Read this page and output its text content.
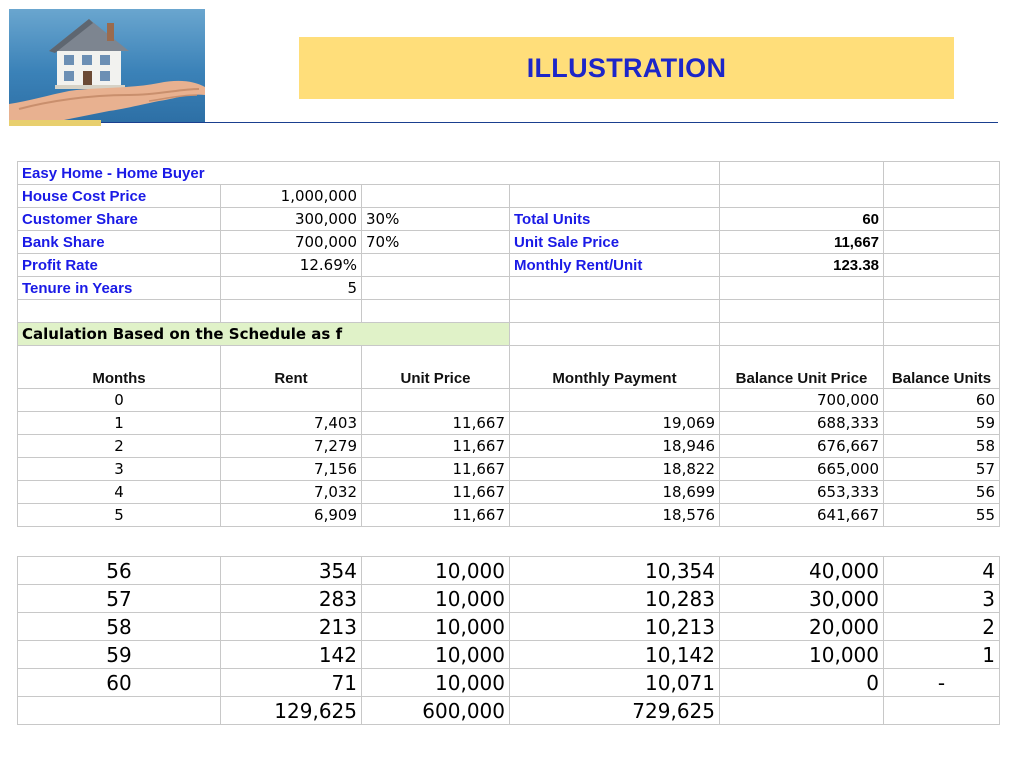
ILLUSTRATION
Easy Home - Home Buyer					
House Cost Price	1,000,000				
Customer Share	300,000	30%	Total Units	60	
Bank Share	700,000	70%	Unit Sale Price	11,667	
Profit Rate	12.69%		Monthly Rent/Unit	123.38	
Tenure in Years	5				

Calulation Based on the Schedule as f					
Months	Rent	Unit Price	Monthly Payment	Balance Unit Price	Balance Units
0				700,000	60
1	7,403	11,667	19,069	688,333	59
2	7,279	11,667	18,946	676,667	58
3	7,156	11,667	18,822	665,000	57
4	7,032	11,667	18,699	653,333	56
5	6,909	11,667	18,576	641,667	55
56	354	10,000	10,354	40,000	4
57	283	10,000	10,283	30,000	3
58	213	10,000	10,213	20,000	2
59	142	10,000	10,142	10,000	1
60	71	10,000	10,071	0	-
	129,625	600,000	729,625		
